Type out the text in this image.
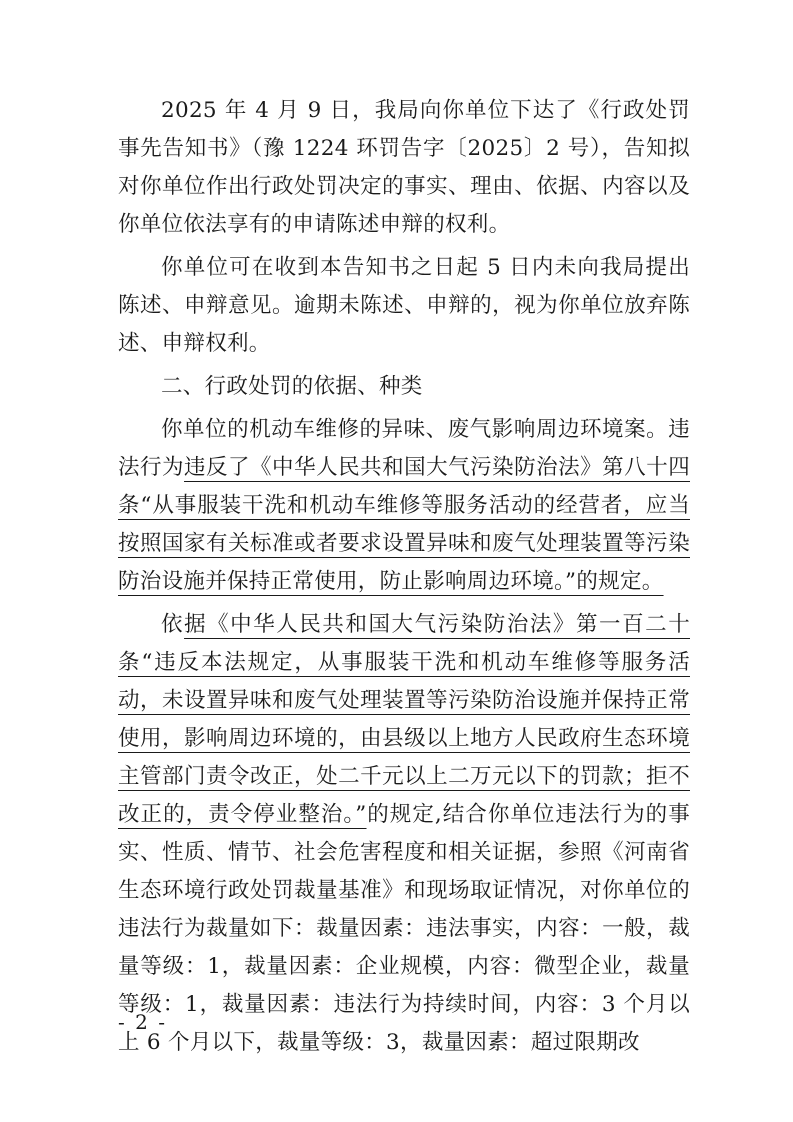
2025 年 4 月 9 日，我局向你单位下达了《行政处罚事先告知书》（豫 1224 环罚告字〔2025〕2 号），告知拟对你单位作出行政处罚决定的事实、理由、依据、内容以及你单位依法享有的申请陈述申辩的权利。

你单位可在收到本告知书之日起 5 日内未向我局提出陈述、申辩意见。逾期未陈述、申辩的，视为你单位放弃陈述、申辩权利。

二、行政处罚的依据、种类

你单位的机动车维修的异味、废气影响周边环境案。违法行为违反了《中华人民共和国大气污染防治法》第八十四条“从事服装干洗和机动车维修等服务活动的经营者，应当按照国家有关标准或者要求设置异味和废气处理装置等污染防治设施并保持正常使用，防止影响周边环境。”的规定。

依据《中华人民共和国大气污染防治法》第一百二十条“违反本法规定，从事服装干洗和机动车维修等服务活动，未设置异味和废气处理装置等污染防治设施并保持正常使用，影响周边环境的，由县级以上地方人民政府生态环境主管部门责令改正，处二千元以上二万元以下的罚款；拒不改正的，责令停业整治。”的规定,结合你单位违法行为的事实、性质、情节、社会危害程度和相关证据，参照《河南省生态环境行政处罚裁量基准》和现场取证情况，对你单位的违法行为裁量如下：裁量因素：违法事实，内容：一般，裁量等级：1，裁量因素：企业规模，内容：微型企业，裁量等级：1，裁量因素：违法行为持续时间，内容：3 个月以上 6 个月以下，裁量等级：3，裁量因素：超过限期改

- 2 -
